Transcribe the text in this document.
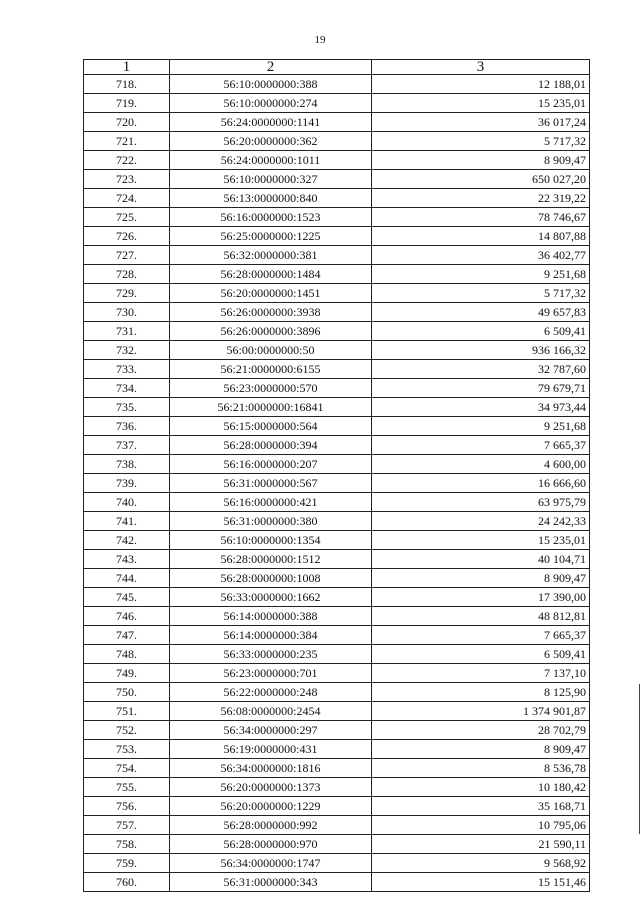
19
1	2	3
718.	56:10:0000000:388	12 188,01
719.	56:10:0000000:274	15 235,01
720.	56:24:0000000:1141	36 017,24
721.	56:20:0000000:362	5 717,32
722.	56:24:0000000:1011	8 909,47
723.	56:10:0000000:327	650 027,20
724.	56:13:0000000:840	22 319,22
725.	56:16:0000000:1523	78 746,67
726.	56:25:0000000:1225	14 807,88
727.	56:32:0000000:381	36 402,77
728.	56:28:0000000:1484	9 251,68
729.	56:20:0000000:1451	5 717,32
730.	56:26:0000000:3938	49 657,83
731.	56:26:0000000:3896	6 509,41
732.	56:00:0000000:50	936 166,32
733.	56:21:0000000:6155	32 787,60
734.	56:23:0000000:570	79 679,71
735.	56:21:0000000:16841	34 973,44
736.	56:15:0000000:564	9 251,68
737.	56:28:0000000:394	7 665,37
738.	56:16:0000000:207	4 600,00
739.	56:31:0000000:567	16 666,60
740.	56:16:0000000:421	63 975,79
741.	56:31:0000000:380	24 242,33
742.	56:10:0000000:1354	15 235,01
743.	56:28:0000000:1512	40 104,71
744.	56:28:0000000:1008	8 909,47
745.	56:33:0000000:1662	17 390,00
746.	56:14:0000000:388	48 812,81
747.	56:14:0000000:384	7 665,37
748.	56:33:0000000:235	6 509,41
749.	56:23:0000000:701	7 137,10
750.	56:22:0000000:248	8 125,90
751.	56:08:0000000:2454	1 374 901,87
752.	56:34:0000000:297	28 702,79
753.	56:19:0000000:431	8 909,47
754.	56:34:0000000:1816	8 536,78
755.	56:20:0000000:1373	10 180,42
756.	56:20:0000000:1229	35 168,71
757.	56:28:0000000:992	10 795,06
758.	56:28:0000000:970	21 590,11
759.	56:34:0000000:1747	9 568,92
760.	56:31:0000000:343	15 151,46
